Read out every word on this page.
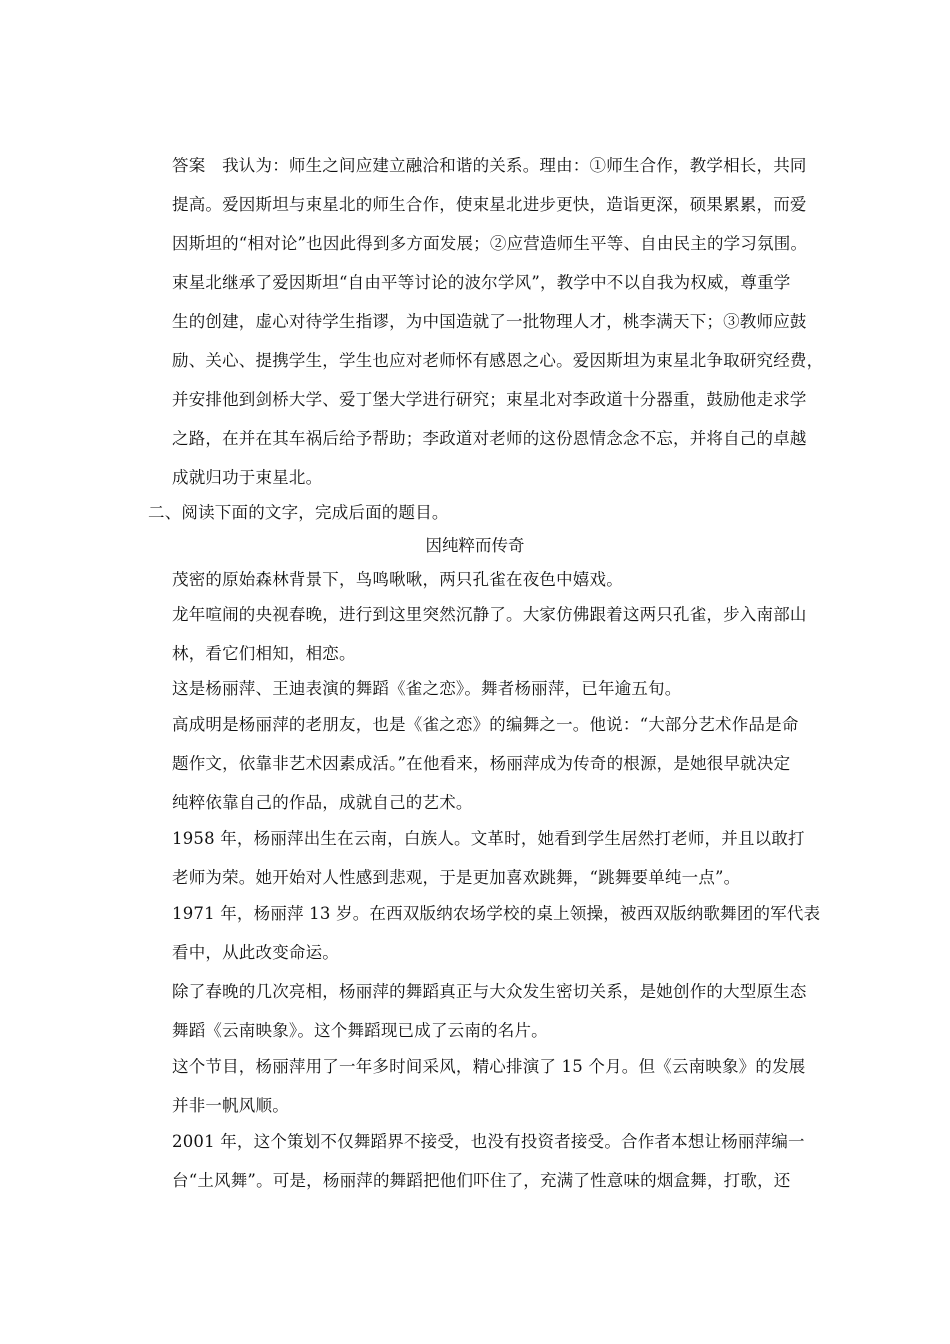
答案　我认为：师生之间应建立融洽和谐的关系。理由：①师生合作，教学相长，共同
提高。爱因斯坦与束星北的师生合作，使束星北进步更快，造诣更深，硕果累累，而爱
因斯坦的“相对论”也因此得到多方面发展；②应营造师生平等、自由民主的学习氛围。
束星北继承了爱因斯坦“自由平等讨论的波尔学风”，教学中不以自我为权威，尊重学
生的创建，虚心对待学生指谬，为中国造就了一批物理人才，桃李满天下；③教师应鼓
励、关心、提携学生，学生也应对老师怀有感恩之心。爱因斯坦为束星北争取研究经费，
并安排他到剑桥大学、爱丁堡大学进行研究；束星北对李政道十分器重，鼓励他走求学
之路，在并在其车祸后给予帮助；李政道对老师的这份恩情念念不忘，并将自己的卓越
成就归功于束星北。
二、阅读下面的文字，完成后面的题目。
因纯粹而传奇
茂密的原始森林背景下，鸟鸣啾啾，两只孔雀在夜色中嬉戏。
龙年喧闹的央视春晚，进行到这里突然沉静了。大家仿佛跟着这两只孔雀，步入南部山
林，看它们相知，相恋。
这是杨丽萍、王迪表演的舞蹈《雀之恋》。舞者杨丽萍，已年逾五旬。
高成明是杨丽萍的老朋友，也是《雀之恋》的编舞之一。他说：“大部分艺术作品是命
题作文，依靠非艺术因素成活。”在他看来，杨丽萍成为传奇的根源，是她很早就决定
纯粹依靠自己的作品，成就自己的艺术。
1958 年，杨丽萍出生在云南，白族人。文革时，她看到学生居然打老师，并且以敢打
老师为荣。她开始对人性感到悲观，于是更加喜欢跳舞，“跳舞要单纯一点”。
1971 年，杨丽萍 13 岁。在西双版纳农场学校的桌上领操，被西双版纳歌舞团的军代表
看中，从此改变命运。
除了春晚的几次亮相，杨丽萍的舞蹈真正与大众发生密切关系，是她创作的大型原生态
舞蹈《云南映象》。这个舞蹈现已成了云南的名片。
这个节目，杨丽萍用了一年多时间采风，精心排演了 15 个月。但《云南映象》的发展
并非一帆风顺。
2001 年，这个策划不仅舞蹈界不接受，也没有投资者接受。合作者本想让杨丽萍编一
台“土风舞”。可是，杨丽萍的舞蹈把他们吓住了，充满了性意味的烟盒舞，打歌，还
